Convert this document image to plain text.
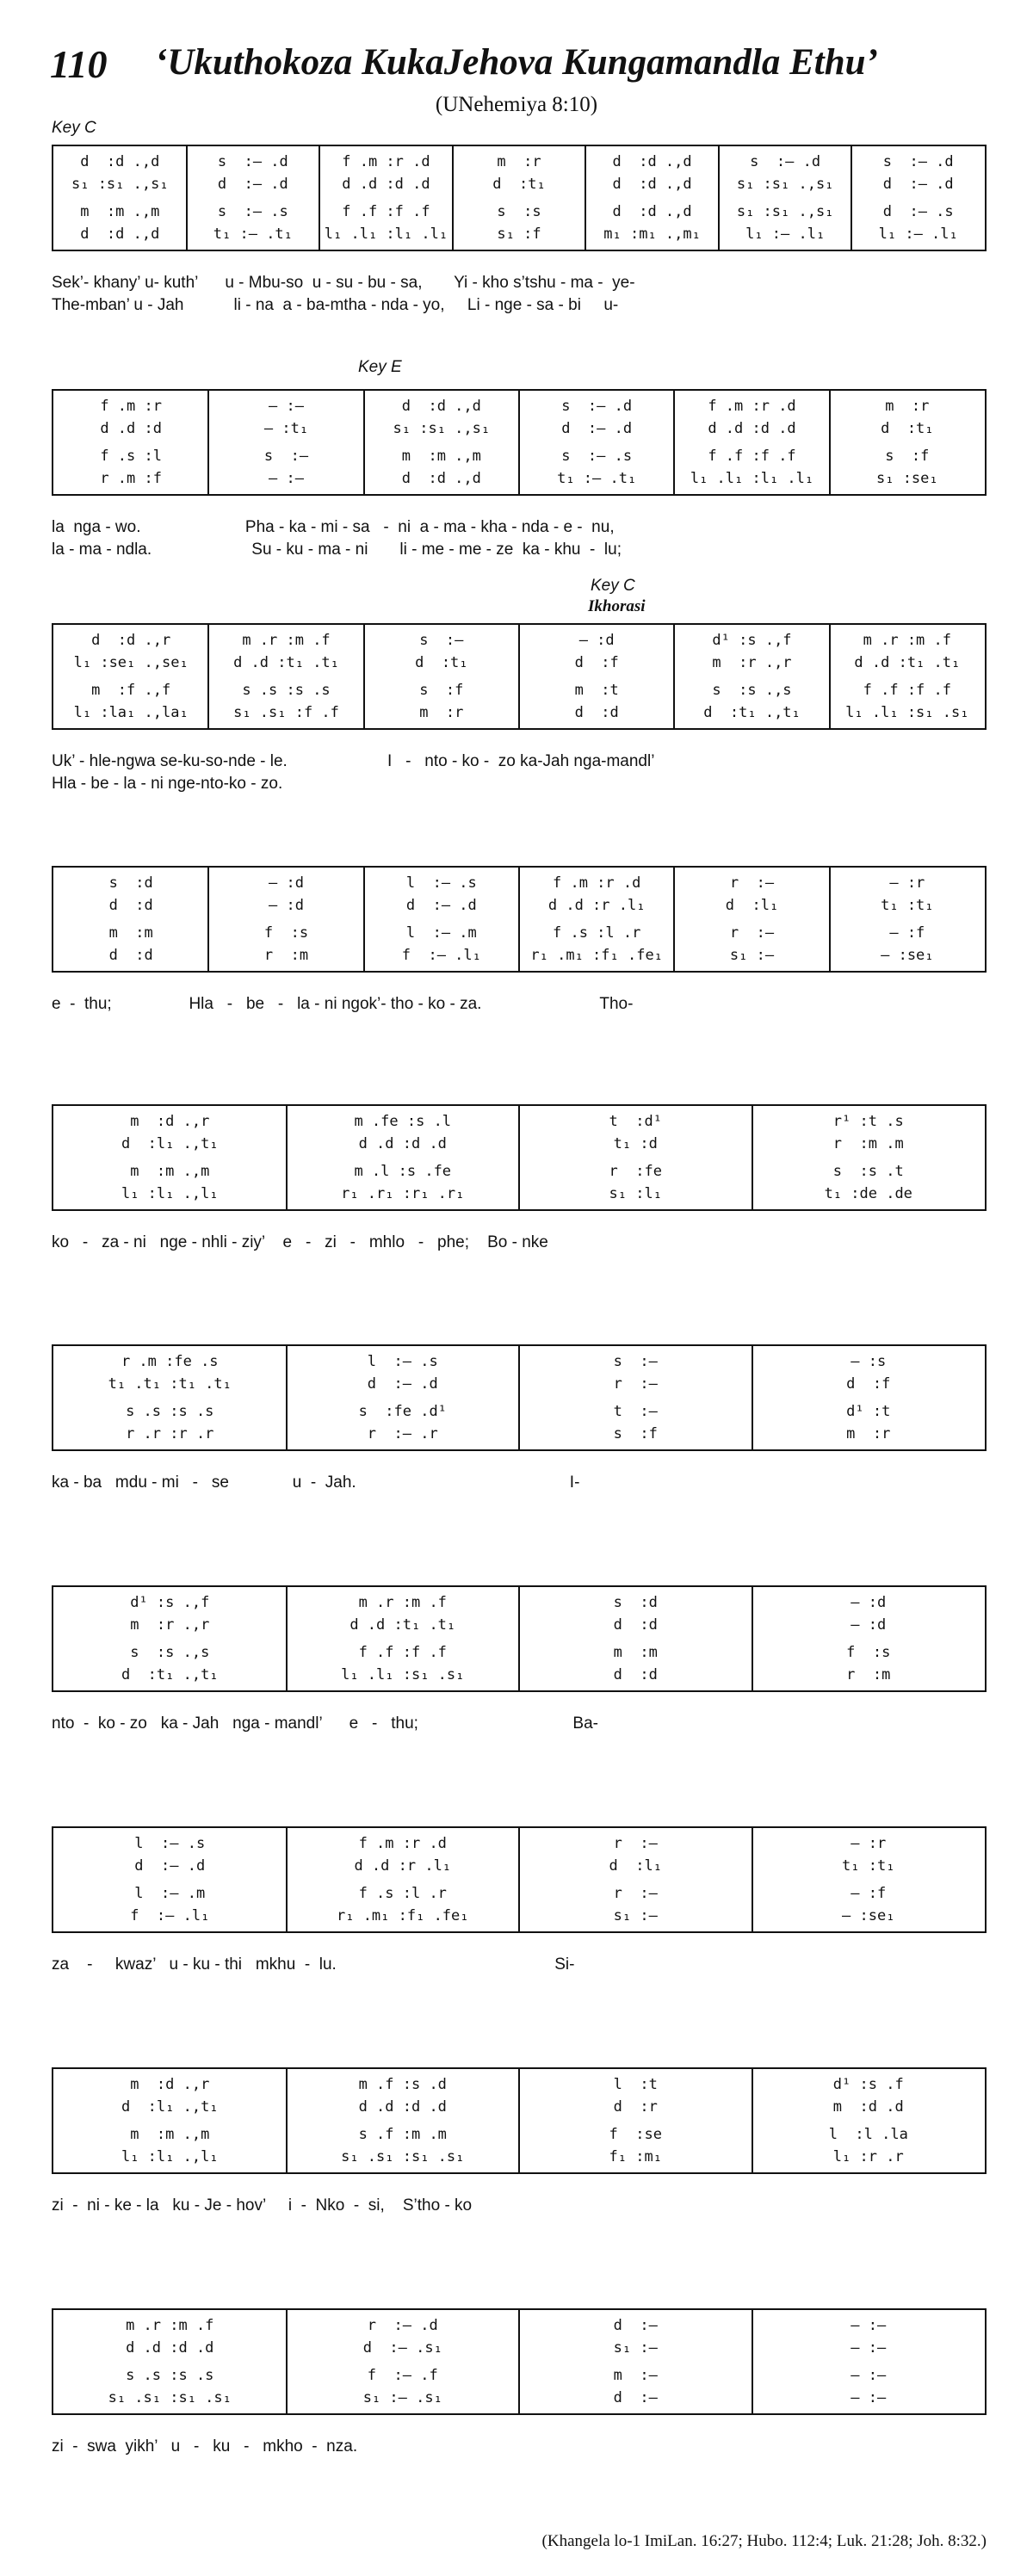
110 ‘Ukuthokoza KukaJehova Kungamandla Ethu’
(UNehemiya 8:10)
Key C
Key E
Key C
Ikhorasi
d  :d .,d
s₁ :s₁ .,s₁
m  :m .,m
d  :d .,d
s  :– .d
d  :– .d
s  :– .s
t₁ :– .t₁
f .m :r .d
d .d :d .d
f .f :f .f
l₁ .l₁ :l₁ .l₁
m  :r
d  :t₁
s  :s
s₁ :f
d  :d .,d
d  :d .,d
d  :d .,d
m₁ :m₁ .,m₁
s  :– .d
s₁ :s₁ .,s₁
s₁ :s₁ .,s₁
l₁ :– .l₁
s  :– .d
d  :– .d
d  :– .s
l₁ :– .l₁
Sek’- khany’ u- kuth’      u - Mbu-so  u - su - bu - sa,       Yi - kho s’tshu - ma -  ye-
The-mban’ u - Jah           li - na  a - ba-mtha - nda - yo,     Li - nge - sa - bi     u-
f .m :r
d .d :d
f .s :l
r .m :f
— :—
— :t₁
s  :—
— :—
d  :d .,d
s₁ :s₁ .,s₁
m  :m .,m
d  :d .,d
s  :– .d
d  :– .d
s  :– .s
t₁ :– .t₁
f .m :r .d
d .d :d .d
f .f :f .f
l₁ .l₁ :l₁ .l₁
m  :r
d  :t₁
s  :f
s₁ :se₁
la  nga - wo.                       Pha - ka - mi - sa   -  ni  a - ma - kha - nda - e -  nu,
la - ma - ndla.                      Su - ku - ma - ni       li - me - me - ze  ka - khu  -  lu;
d  :d .,r
l₁ :se₁ .,se₁
m  :f .,f
l₁ :la₁ .,la₁
m .r :m .f
d .d :t₁ .t₁
s .s :s .s
s₁ .s₁ :f .f
s  :—
d  :t₁
s  :f
m  :r
— :d
d  :f
m  :t
d  :d
d¹ :s .,f
m  :r .,r
s  :s .,s
d  :t₁ .,t₁
m .r :m .f
d .d :t₁ .t₁
f .f :f .f
l₁ .l₁ :s₁ .s₁
Uk’ - hle-ngwa se-ku-so-nde - le.                      I   -   nto - ko -  zo ka-Jah nga-mandl’
Hla - be - la - ni nge-nto-ko - zo.
s  :d
d  :d
m  :m
d  :d
— :d
— :d
f  :s
r  :m
l  :– .s
d  :– .d
l  :– .m
f  :– .l₁
f .m :r .d
d .d :r .l₁
f .s :l .r
r₁ .m₁ :f₁ .fe₁
r  :—
d  :l₁
r  :—
s₁ :—
— :r
t₁ :t₁
— :f
— :se₁
e  -  thu;                 Hla   -   be   -   la - ni ngok’- tho - ko - za.                          Tho-
m  :d .,r
d  :l₁ .,t₁
m  :m .,m
l₁ :l₁ .,l₁
m .fe :s .l
d .d :d .d
m .l :s .fe
r₁ .r₁ :r₁ .r₁
t  :d¹
t₁ :d
r  :fe
s₁ :l₁
r¹ :t .s
r  :m .m
s  :s .t
t₁ :de .de
ko   -   za - ni   nge - nhli - ziy’    e   -   zi   -   mhlo   -   phe;    Bo - nke
r .m :fe .s
t₁ .t₁ :t₁ .t₁
s .s :s .s
r .r :r .r
l  :– .s
d  :– .d
s  :fe .d¹
r  :– .r
s  :—
r  :—
t  :—
s  :f
— :s
d  :f
d¹ :t
m  :r
ka - ba   mdu - mi   -   se              u  -  Jah.                                               I-
d¹ :s .,f
m  :r .,r
s  :s .,s
d  :t₁ .,t₁
m .r :m .f
d .d :t₁ .t₁
f .f :f .f
l₁ .l₁ :s₁ .s₁
s  :d
d  :d
m  :m
d  :d
— :d
— :d
f  :s
r  :m
nto  -  ko - zo   ka - Jah   nga - mandl’      e   -   thu;                                  Ba-
l  :– .s
d  :– .d
l  :– .m
f  :– .l₁
f .m :r .d
d .d :r .l₁
f .s :l .r
r₁ .m₁ :f₁ .fe₁
r  :—
d  :l₁
r  :—
s₁ :—
— :r
t₁ :t₁
— :f
— :se₁
za    -     kwaz’   u - ku - thi   mkhu  -  lu.                                                Si-
m  :d .,r
d  :l₁ .,t₁
m  :m .,m
l₁ :l₁ .,l₁
m .f :s .d
d .d :d .d
s .f :m .m
s₁ .s₁ :s₁ .s₁
l  :t
d  :r
f  :se
f₁ :m₁
d¹ :s .f
m  :d .d
l  :l .la
l₁ :r .r
zi  -  ni - ke - la   ku - Je - hov’     i  -  Nko  -  si,    S’tho - ko
m .r :m .f
d .d :d .d
s .s :s .s
s₁ .s₁ :s₁ .s₁
r  :– .d
d  :– .s₁
f  :– .f
s₁ :– .s₁
d  :—
s₁ :—
m  :—
d  :—
— :—
— :—
— :—
— :—
zi  -  swa  yikh’   u   -   ku   -   mkho  -  nza.
(Khangela lo-1 ImiLan. 16:27; Hubo. 112:4; Luk. 21:28; Joh. 8:32.)
